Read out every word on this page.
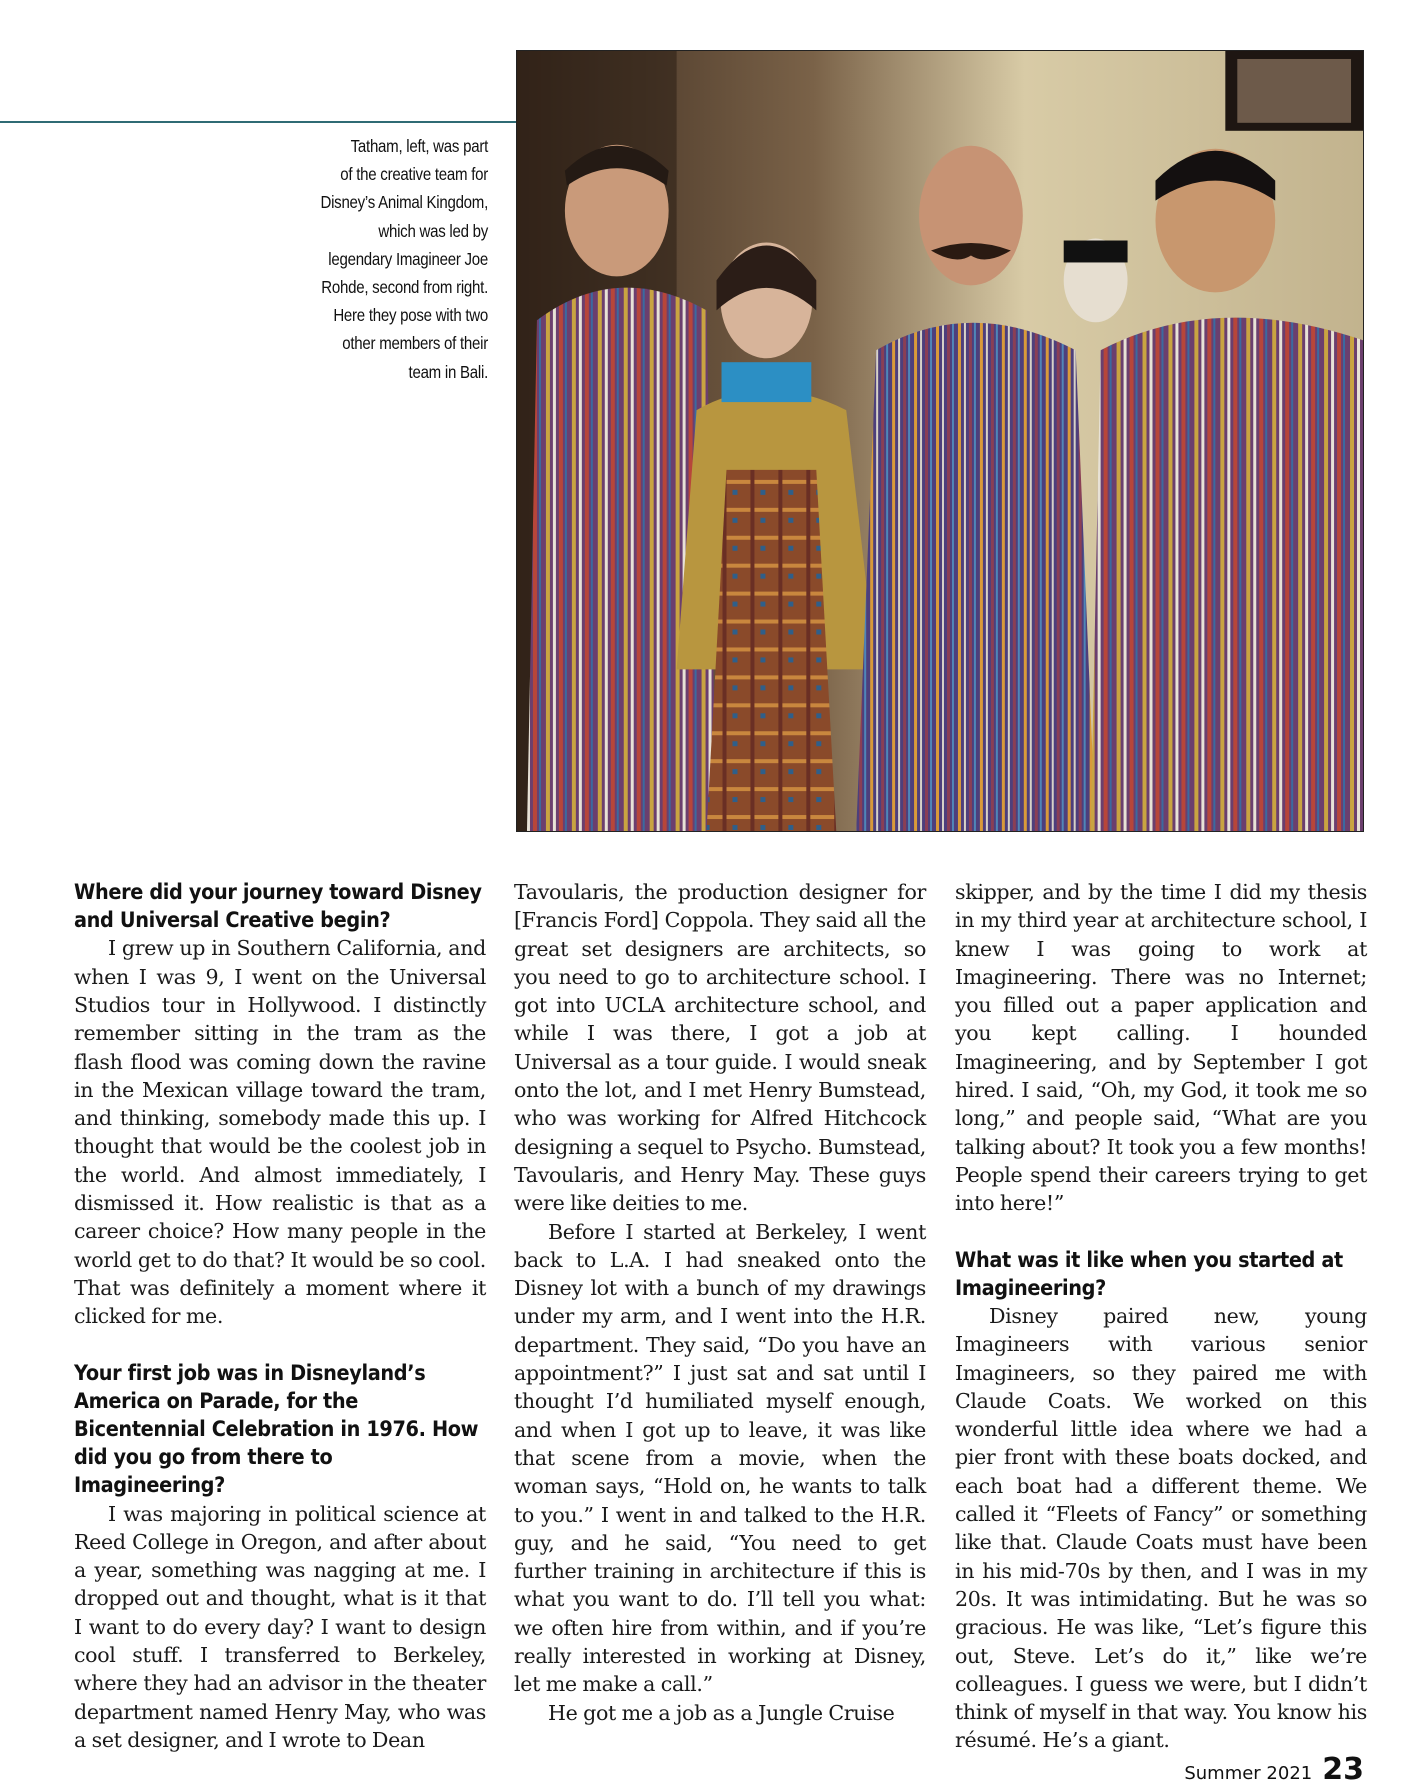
Tatham, left, was part
of the creative team for
Disney’s Animal Kingdom,
which was led by
legendary Imagineer Joe
Rohde, second from right.
Here they pose with two
other members of their
team in Bali.

Where did your journey toward Disney and Universal Creative begin?

I grew up in Southern California, and when I was 9, I went on the Universal Studios tour in Hollywood. I distinctly remember sitting in the tram as the flash flood was coming down the ravine in the Mexican village toward the tram, and thinking, somebody made this up. I thought that would be the coolest job in the world. And almost immediately, I dismissed it. How realistic is that as a career choice? How many people in the world get to do that? It would be so cool. That was definitely a moment where it clicked for me.

Your first job was in Disneyland’s America on Parade, for the Bicentennial Celebration in 1976. How did you go from there to Imagineering?

I was majoring in political science at Reed College in Oregon, and after about a year, something was nagging at me. I dropped out and thought, what is it that I want to do every day? I want to design cool stuff. I transferred to Berkeley, where they had an advisor in the theater department named Henry May, who was a set designer, and I wrote to Dean

Tavoularis, the production designer for [Francis Ford] Coppola. They said all the great set designers are architects, so you need to go to architecture school. I got into UCLA architecture school, and while I was there, I got a job at Universal as a tour guide. I would sneak onto the lot, and I met Henry Bumstead, who was working for Alfred Hitchcock designing a sequel to Psycho. Bumstead, Tavoularis, and Henry May. These guys were like deities to me.

Before I started at Berkeley, I went back to L.A. I had sneaked onto the Disney lot with a bunch of my drawings under my arm, and I went into the H.R. department. They said, “Do you have an appointment?” I just sat and sat until I thought I’d humiliated myself enough, and when I got up to leave, it was like that scene from a movie, when the woman says, “Hold on, he wants to talk to you.” I went in and talked to the H.R. guy, and he said, “You need to get further training in architecture if this is what you want to do. I’ll tell you what: we often hire from within, and if you’re really interested in working at Disney, let me make a call.”

He got me a job as a Jungle Cruise

skipper, and by the time I did my thesis in my third year at architecture school, I knew I was going to work at Imagineering. There was no Internet; you filled out a paper application and you kept calling. I hounded Imagineering, and by September I got hired. I said, “Oh, my God, it took me so long,” and people said, “What are you talking about? It took you a few months! People spend their careers trying to get into here!”

What was it like when you started at Imagineering?

Disney paired new, young Imagineers with various senior Imagineers, so they paired me with Claude Coats. We worked on this wonderful little idea where we had a pier front with these boats docked, and each boat had a different theme. We called it “Fleets of Fancy” or something like that. Claude Coats must have been in his mid-70s by then, and I was in my 20s. It was intimidating. But he was so gracious. He was like, “Let’s figure this out, Steve. Let’s do it,” like we’re colleagues. I guess we were, but I didn’t think of myself in that way. You know his résumé. He’s a giant.

Summer 2021 23
